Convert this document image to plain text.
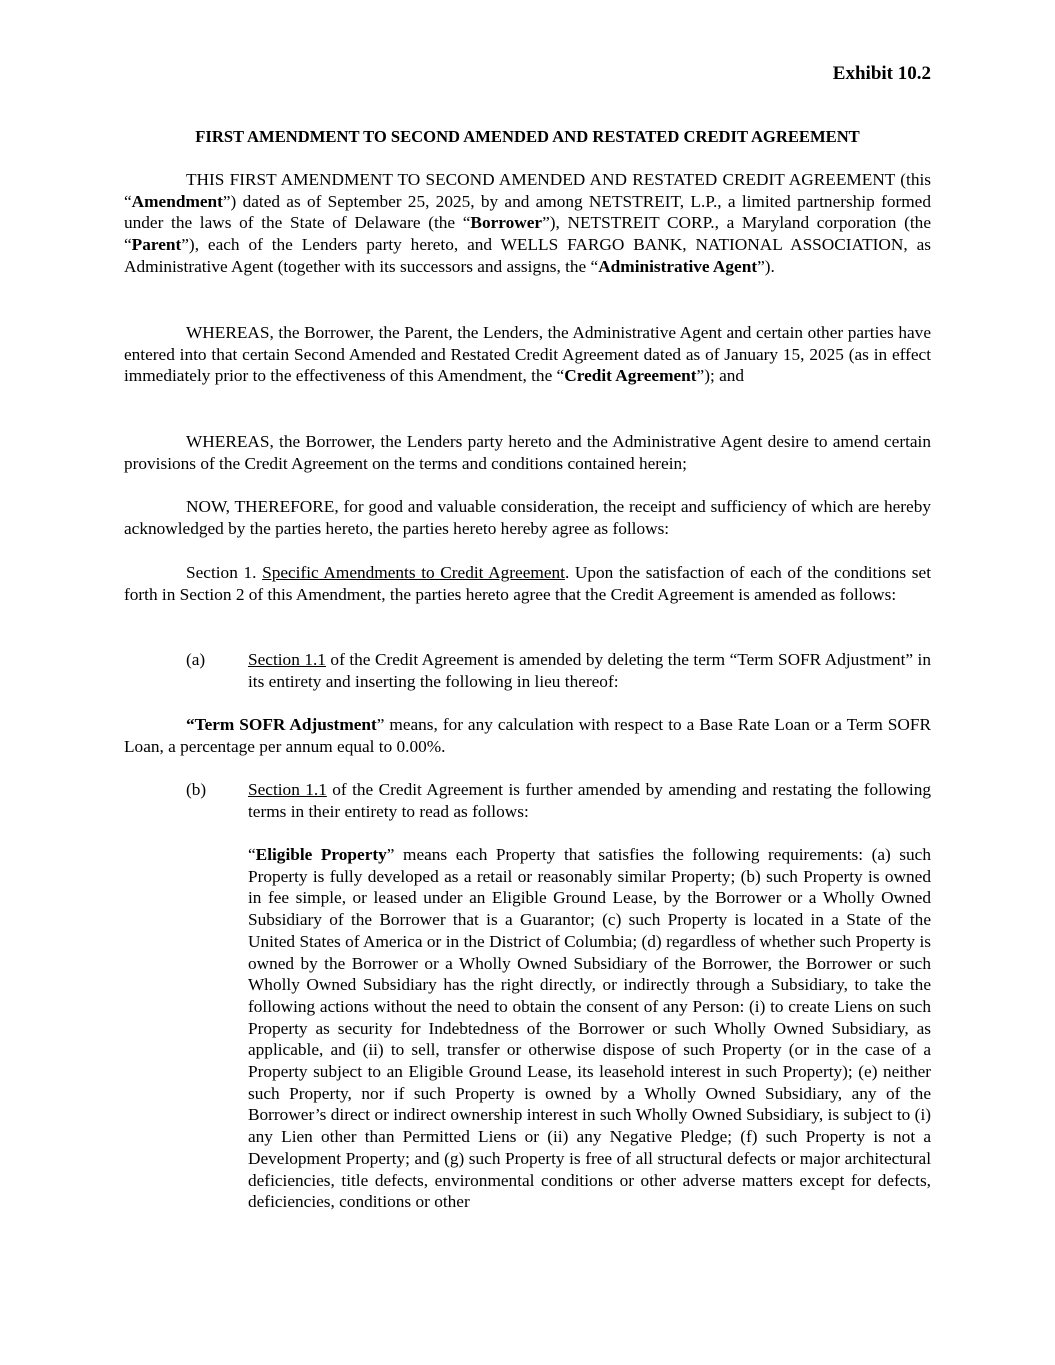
Exhibit 10.2
FIRST AMENDMENT TO SECOND AMENDED AND RESTATED CREDIT AGREEMENT

THIS FIRST AMENDMENT TO SECOND AMENDED AND RESTATED CREDIT AGREEMENT (this “Amendment”) dated as of September 25, 2025, by and among NETSTREIT, L.P., a limited partnership formed under the laws of the State of Delaware (the “Borrower”), NETSTREIT CORP., a Maryland corporation (the “Parent”), each of the Lenders party hereto, and WELLS FARGO BANK, NATIONAL ASSOCIATION, as Administrative Agent (together with its successors and assigns, the “Administrative Agent”).

WHEREAS, the Borrower, the Parent, the Lenders, the Administrative Agent and certain other parties have entered into that certain Second Amended and Restated Credit Agreement dated as of January 15, 2025 (as in effect immediately prior to the effectiveness of this Amendment, the “Credit Agreement”); and

WHEREAS, the Borrower, the Lenders party hereto and the Administrative Agent desire to amend certain provisions of the Credit Agreement on the terms and conditions contained herein;

NOW, THEREFORE, for good and valuable consideration, the receipt and sufficiency of which are hereby acknowledged by the parties hereto, the parties hereto hereby agree as follows:

Section 1. Specific Amendments to Credit Agreement. Upon the satisfaction of each of the conditions set forth in Section 2 of this Amendment, the parties hereto agree that the Credit Agreement is amended as follows:

(a) Section 1.1 of the Credit Agreement is amended by deleting the term “Term SOFR Adjustment” in its entirety and inserting the following in lieu thereof:

“Term SOFR Adjustment” means, for any calculation with respect to a Base Rate Loan or a Term SOFR Loan, a percentage per annum equal to 0.00%.

(b) Section 1.1 of the Credit Agreement is further amended by amending and restating the following terms in their entirety to read as follows:

“Eligible Property” means each Property that satisfies the following requirements: (a) such Property is fully developed as a retail or reasonably similar Property; (b) such Property is owned in fee simple, or leased under an Eligible Ground Lease, by the Borrower or a Wholly Owned Subsidiary of the Borrower that is a Guarantor; (c) such Property is located in a State of the United States of America or in the District of Columbia; (d) regardless of whether such Property is owned by the Borrower or a Wholly Owned Subsidiary of the Borrower, the Borrower or such Wholly Owned Subsidiary has the right directly, or indirectly through a Subsidiary, to take the following actions without the need to obtain the consent of any Person: (i) to create Liens on such Property as security for Indebtedness of the Borrower or such Wholly Owned Subsidiary, as applicable, and (ii) to sell, transfer or otherwise dispose of such Property (or in the case of a Property subject to an Eligible Ground Lease, its leasehold interest in such Property); (e) neither such Property, nor if such Property is owned by a Wholly Owned Subsidiary, any of the Borrower’s direct or indirect ownership interest in such Wholly Owned Subsidiary, is subject to (i) any Lien other than Permitted Liens or (ii) any Negative Pledge; (f) such Property is not a Development Property; and (g) such Property is free of all structural defects or major architectural deficiencies, title defects, environmental conditions or other adverse matters except for defects, deficiencies, conditions or other
